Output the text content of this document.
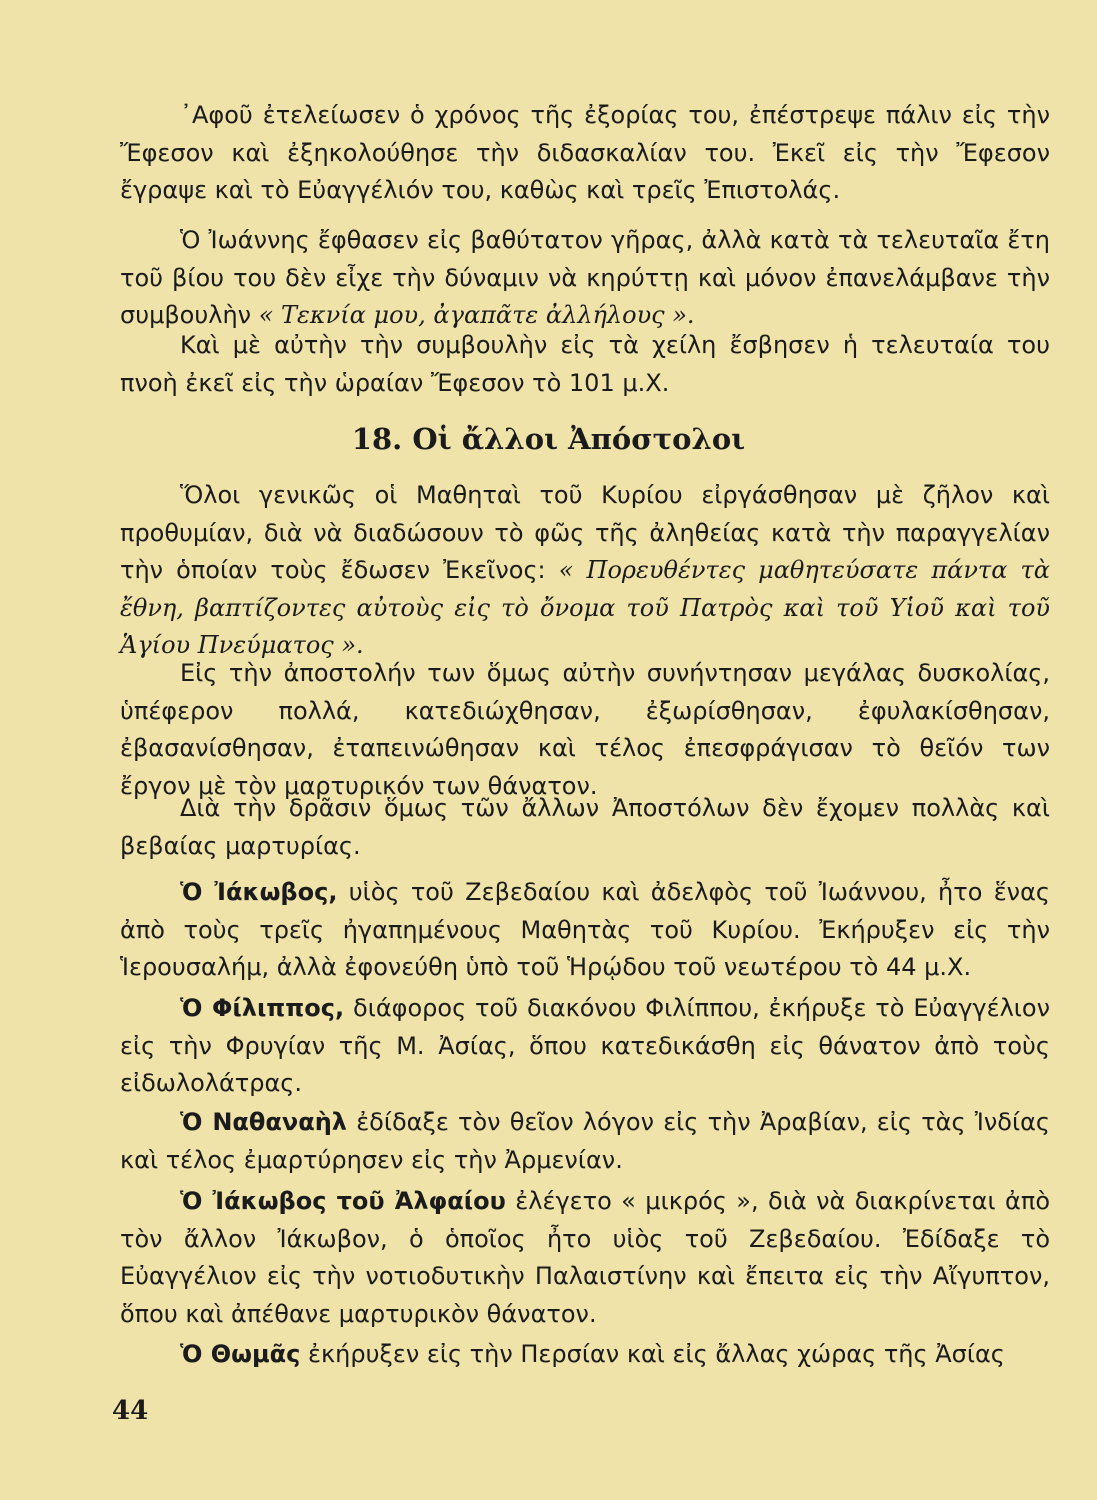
᾿Αφοῦ ἐτελείωσεν ὁ χρόνος τῆς ἐξορίας του, ἐπέστρεψε πάλιν εἰς τὴν Ἔφεσον καὶ ἐξηκολούθησε τὴν διδασκαλίαν του. Ἐκεῖ εἰς τὴν Ἔφεσον ἔγραψε καὶ τὸ Εὐαγγέλιόν του, καθὼς καὶ τρεῖς Ἐπιστολάς.

Ὁ Ἰωάννης ἔφθασεν εἰς βαθύτατον γῆρας, ἀλλὰ κατὰ τὰ τελευταῖα ἔτη τοῦ βίου του δὲν εἶχε τὴν δύναμιν νὰ κηρύττῃ καὶ μόνον ἐπανελάμβανε τὴν συμβουλὴν « Τεκνία μου, ἀγαπᾶτε ἀλλήλους ».

Καὶ μὲ αὐτὴν τὴν συμβουλὴν εἰς τὰ χείλη ἔσβησεν ἡ τελευταία του πνοὴ ἐκεῖ εἰς τὴν ὡραίαν Ἔφεσον τὸ 101 μ.Χ.

18. Οἱ ἄλλοι Ἀπόστολοι

Ὅλοι γενικῶς οἱ Μαθηταὶ τοῦ Κυρίου εἰργάσθησαν μὲ ζῆλον καὶ προθυμίαν, διὰ νὰ διαδώσουν τὸ φῶς τῆς ἀληθείας κατὰ τὴν παραγγελίαν τὴν ὁποίαν τοὺς ἔδωσεν Ἐκεῖνος: « Πορευθέντες μαθητεύσατε πάντα τὰ ἔθνη, βαπτίζοντες αὐτοὺς εἰς τὸ ὄνομα τοῦ Πατρὸς καὶ τοῦ Υἱοῦ καὶ τοῦ Ἁγίου Πνεύματος ».

Εἰς τὴν ἀποστολήν των ὅμως αὐτὴν συνήντησαν μεγάλας δυσκολίας, ὑπέφερον πολλά, κατεδιώχθησαν, ἐξωρίσθησαν, ἐφυλακίσθησαν, ἐβασανίσθησαν, ἐταπεινώθησαν καὶ τέλος ἐπεσφράγισαν τὸ θεῖόν των ἔργον μὲ τὸν μαρτυρικόν των θάνατον.

Διὰ τὴν δρᾶσιν ὅμως τῶν ἄλλων Ἀποστόλων δὲν ἔχομεν πολλὰς καὶ βεβαίας μαρτυρίας.

Ὁ Ἰάκωβος, υἱὸς τοῦ Ζεβεδαίου καὶ ἀδελφὸς τοῦ Ἰωάννου, ἦτο ἕνας ἀπὸ τοὺς τρεῖς ἠγαπημένους Μαθητὰς τοῦ Κυρίου. Ἐκήρυξεν εἰς τὴν Ἱερουσαλήμ, ἀλλὰ ἐφονεύθη ὑπὸ τοῦ Ἡρῴδου τοῦ νεωτέρου τὸ 44 μ.Χ.

Ὁ Φίλιππος, διάφορος τοῦ διακόνου Φιλίππου, ἐκήρυξε τὸ Εὐαγγέλιον εἰς τὴν Φρυγίαν τῆς Μ. Ἀσίας, ὅπου κατεδικάσθη εἰς θάνατον ἀπὸ τοὺς εἰδωλολάτρας.

Ὁ Ναθαναὴλ ἐδίδαξε τὸν θεῖον λόγον εἰς τὴν Ἀραβίαν, εἰς τὰς Ἰνδίας καὶ τέλος ἐμαρτύρησεν εἰς τὴν Ἀρμενίαν.

Ὁ Ἰάκωβος τοῦ Ἀλφαίου ἐλέγετο « μικρός », διὰ νὰ διακρίνεται ἀπὸ τὸν ἄλλον Ἰάκωβον, ὁ ὁποῖος ἦτο υἱὸς τοῦ Ζεβεδαίου. Ἐδίδαξε τὸ Εὐαγγέλιον εἰς τὴν νοτιοδυτικὴν Παλαιστίνην καὶ ἔπειτα εἰς τὴν Αἴγυπτον, ὅπου καὶ ἀπέθανε μαρτυρικὸν θάνατον.

Ὁ Θωμᾶς ἐκήρυξεν εἰς τὴν Περσίαν καὶ εἰς ἄλλας χώρας τῆς Ἀσίας

44
